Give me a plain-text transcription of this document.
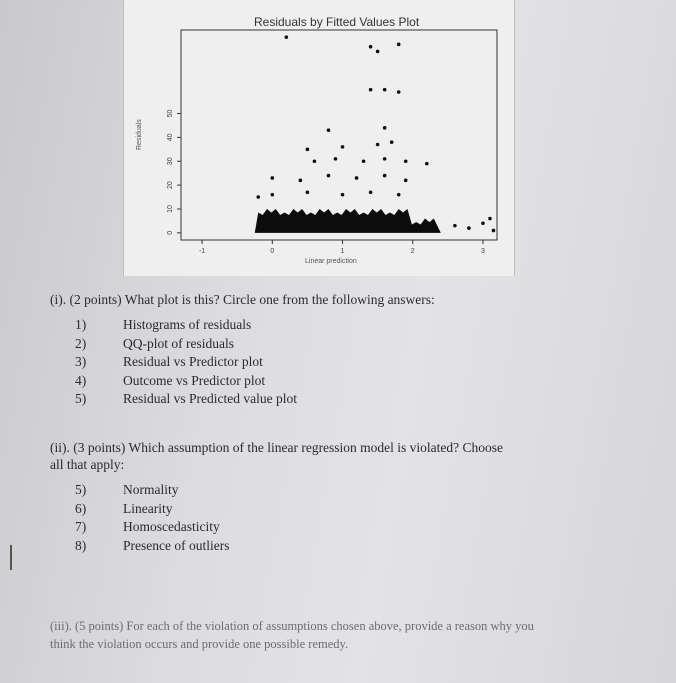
Residuals by Fitted Values Plot
-1	0	1	2	3
0
10
20
30
40
50
Linear prediction
Residuals
(i). (2 points) What plot is this? Circle one from the following answers:
1)	Histograms of residuals
2)	QQ-plot of residuals
3)	Residual vs Predictor plot
4)	Outcome vs Predictor plot
5)	Residual vs Predicted value plot
(ii). (3 points) Which assumption of the linear regression model is violated? Choose
all that apply:
5)	Normality
6)	Linearity
7)	Homoscedasticity
8)	Presence of outliers
(iii). (5 points) For each of the violation of assumptions chosen above, provide a reason why you
think the violation occurs and provide one possible remedy.
